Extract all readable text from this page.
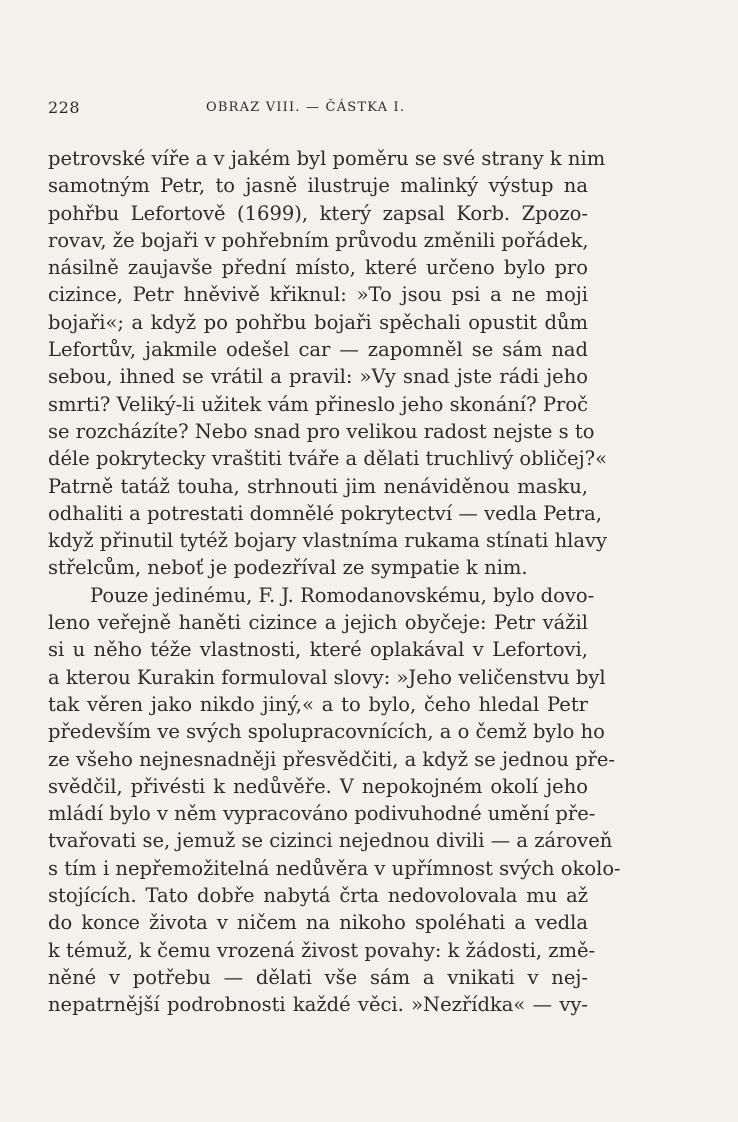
228	OBRAZ VIII. — ČÁSTKA I.
petrovské víře a v jakém byl poměru se své strany k nim
samotným Petr, to jasně ilustruje malinký výstup na
pohřbu Lefortově (1699), který zapsal Korb. Zpozo-
rovav, že bojaři v pohřebním průvodu změnili pořádek,
násilně zaujavše přední místo, které určeno bylo pro
cizince, Petr hněvivě křiknul: »To jsou psi a ne moji
bojaři«; a když po pohřbu bojaři spěchali opustit dům
Lefortův, jakmile odešel car — zapomněl se sám nad
sebou, ihned se vrátil a pravil: »Vy snad jste rádi jeho
smrti? Veliký-li užitek vám přineslo jeho skonání? Proč
se rozcházíte? Nebo snad pro velikou radost nejste s to
déle pokrytecky vraštiti tváře a dělati truchlivý obličej?«
Patrně tatáž touha, strhnouti jim nenáviděnou masku,
odhaliti a potrestati domnělé pokrytectví — vedla Petra,
když přinutil tytéž bojary vlastníma rukama stínati hlavy
střelcům, neboť je podezříval ze sympatie k nim.
Pouze jedinému, F. J. Romodanovskému, bylo dovo-
leno veřejně haněti cizince a jejich obyčeje: Petr vážil
si u něho téže vlastnosti, které oplakával v Lefortovi,
a kterou Kurakin formuloval slovy: »Jeho veličenstvu byl
tak věren jako nikdo jiný,« a to bylo, čeho hledal Petr
především ve svých spolupracovnících, a o čemž bylo ho
ze všeho nejnesnadněji přesvědčiti, a když se jednou pře-
svědčil, přivésti k nedůvěře. V nepokojném okolí jeho
mládí bylo v něm vypracováno podivuhodné umění pře-
tvařovati se, jemuž se cizinci nejednou divili — a zároveň
s tím i nepřemožitelná nedůvěra v upřímnost svých okolo-
stojících. Tato dobře nabytá črta nedovolovala mu až
do konce života v ničem na nikoho spoléhati a vedla
k témuž, k čemu vrozená živost povahy: k žádosti, změ-
něné v potřebu — dělati vše sám a vnikati v nej-
nepatrnější podrobnosti každé věci. »Nezřídka« — vy-
